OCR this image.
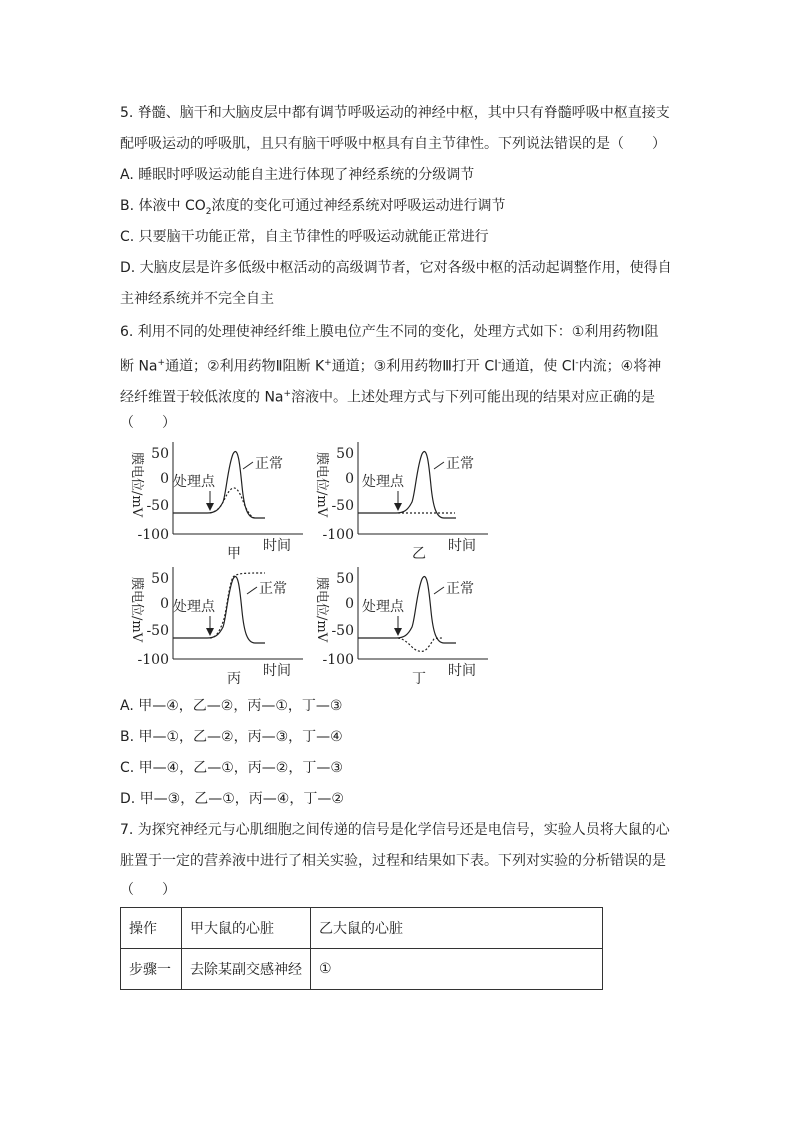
5. 脊髓、脑干和大脑皮层中都有调节呼吸运动的神经中枢，其中只有脊髓呼吸中枢直接支
配呼吸运动的呼吸肌，且只有脑干呼吸中枢具有自主节律性。下列说法错误的是（　　）
A. 睡眠时呼吸运动能自主进行体现了神经系统的分级调节
B. 体液中 $CO_2$浓度的变化可通过神经系统对呼吸运动进行调节
C. 只要脑干功能正常，自主节律性的呼吸运动就能正常进行
D. 大脑皮层是许多低级中枢活动的高级调节者，它对各级中枢的活动起调整作用，使得自
主神经系统并不完全自主
6. 利用不同的处理使神经纤维上膜电位产生不同的变化，处理方式如下：①利用药物Ⅰ阻
断 Na+通道；②利用药物Ⅱ阻断 K+通道；③利用药物Ⅲ打开 Cl-通道，使 Cl-内流；④将神
经纤维置于较低浓度的 Na+溶液中。上述处理方式与下列可能出现的结果对应正确的是
（　　）
膜电位/mV 50
0
-50
-100
时间
正常
处理点
甲
膜电位/mV 50
0
-50
-100
时间
正常
处理点
乙
膜电位/mV 50
0
-50
-100
时间
正常
处理点
丙
膜电位/mV 50
0
-50
-100
时间
正常
处理点
丁
A. 甲—④，乙—②，丙—①，丁—③
B. 甲—①，乙—②，丙—③，丁—④
C. 甲—④，乙—①，丙—②，丁—③
D. 甲—③，乙—①，丙—④，丁—②
7. 为探究神经元与心肌细胞之间传递的信号是化学信号还是电信号，实验人员将大鼠的心
脏置于一定的营养液中进行了相关实验，过程和结果如下表。下列对实验的分析错误的是
（　　）
操作	甲大鼠的心脏	乙大鼠的心脏
步骤一	去除某副交感神经	①
